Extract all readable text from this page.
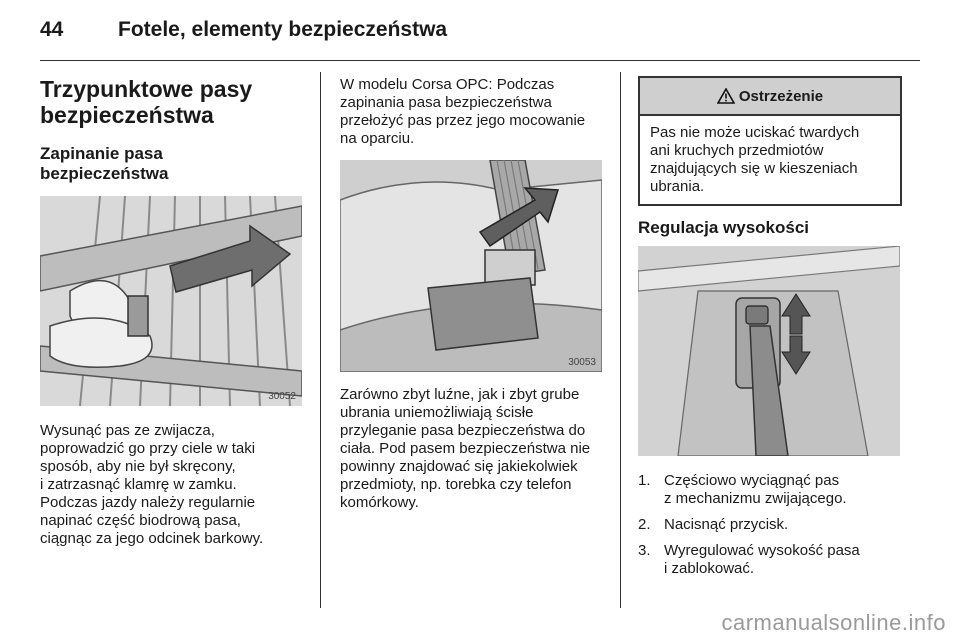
44	Fotele, elementy bezpieczeństwa
Trzypunktowe pasy
bezpieczeństwa
Zapinanie pasa
bezpieczeństwa
30052

Wysunąć pas ze zwijacza,

poprowadzić go przy ciele w taki

sposób, aby nie był skręcony,

i zatrzasnąć klamrę w zamku.

Podczas jazdy należy regularnie

napinać część biodrową pasa,

ciągnąc za jego odcinek barkowy.

W modelu Corsa OPC: Podczas

zapinania pasa bezpieczeństwa

przełożyć pas przez jego mocowanie

na oparciu.

30053

Zarówno zbyt luźne, jak i zbyt grube

ubrania uniemożliwiają ścisłe

przyleganie pasa bezpieczeństwa do

ciała. Pod pasem bezpieczeństwa nie

powinny znajdować się jakiekolwiek

przedmioty, np. torebka czy telefon

komórkowy.

Ostrzeżenie
Pas nie może uciskać twardych
ani kruchych przedmiotów
znajdujących się w kieszeniach
ubrania.
Regulacja wysokości
1. Częściowo wyciągnąć pas
z mechanizmu zwijającego.
2. Nacisnąć przycisk.
3. Wyregulować wysokość pasa
i zablokować.
carmanualsonline.info
